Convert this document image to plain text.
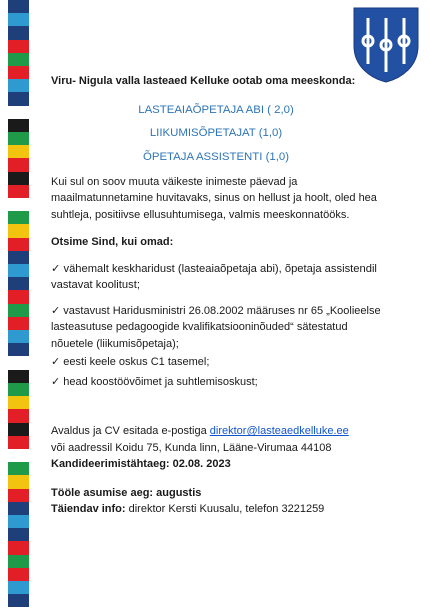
Viru- Nigula valla lasteaed Kelluke ootab oma meeskonda:
LASTEAIAÕPETAJA ABI ( 2,0)
LIIKUMISÕPETAJAT (1,0)
ÕPETAJA ASSISTENTI (1,0)
Kui sul on soov muuta väikeste inimeste päevad ja maailmatunnetamine huvitavaks, sinus on hellust ja hoolt, oled hea suhtleja, positiivse ellusuhtumisega, valmis meeskonnatööks.
Otsime Sind, kui omad:
✓ vähemalt keskharidust (lasteaiaõpetaja abi), õpetaja assistendil vastavat koolitust;
✓ vastavust Haridusministri 26.08.2002 määruses nr 65 „Koolieelse lasteasutuse pedagoogide kvalifikatsiooninõuded“ sätestatud nõuetele (liikumisõpetaja);
✓ eesti keele oskus C1 tasemel;
✓ head koostöövõimet ja suhtlemisoskust;
Avaldus ja CV esitada e-postiga direktor@lasteaedkelluke.ee
või aadressil Koidu 75, Kunda linn, Lääne-Virumaa 44108
Kandideerimistähtaeg: 02.08. 2023
Tööle asumise aeg: augustis
Täiendav info: direktor Kersti Kuusalu, telefon 3221259
